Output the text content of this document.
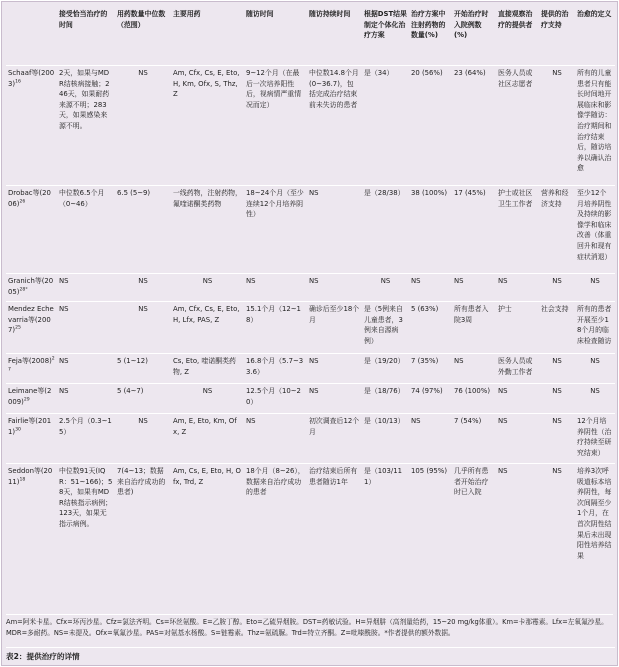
	接受恰当治疗的时间	用药数量中位数（范围）	主要用药	随访时间	随访持续时间	根据DST结果制定个体化治疗方案	治疗方案中注射药物的数量(%)	开始治疗时入院例数(%)	直接观察治疗的提供者	提供的治疗支持	治愈的定义
Schaaf等$(2003)^{16}$	2天，如果与MDR结核病接触；246天，如果耐药来源不明；283天，如果感染来源不明。	NS	Am, Cfx, Cs, E, Eto, H, Km, Ofx, S, Thz, Z	9~12个月（在最后一次培养阳性后，视病情严重情况而定）	中位数14.8个月(0~36.7)，包括完成治疗结束前未失访的患者	是（34）	20 (56%)	23 (64%)	医务人员或社区志愿者	NS	所有的儿童患者只有能长时间地开展临床和影像学随访：治疗期间和治疗结束后，随访培养以确认治愈
Drobac等$(2006)^{26}$	中位数6.5个月（0~46）	6.5 (5~9)	一线药物，注射药物，氟喹诺酮类药物	18~24个月（至少连续12个月培养阴性）	NS	是（28/38）	38 (100%)	17 (45%)	护士或社区卫生工作者	营养和经济支持	至少12个月培养阴性及持续的影像学和临床改善（体重回升和现有症状消退）
Granich等$(2005)^{28*}$	NS	NS	NS	NS	NS	NS	NS	NS	NS	NS	NS
Mendez Echevarria等$(2007)^{25}$	NS	NS	Am, Cfx, Cs, E, Eto, H, Lfx, PAS, Z	15.1个月（12~18）	确诊后至少18个月	是（5例来自儿童患者，3例来自源病例）	5 (63%)	所有患者入院3周	护士	社会支持	所有的患者开展至少18个月的临床检查随访
Feja等$(2008)^{27}$	NS	5 (1~12)	Cs, Eto, 喹诺酮类药物, Z	16.8个月（5.7~33.6）	NS	是（19/20）	7 (35%)	NS	医务人员或外勤工作者	NS	NS
Leimane等$(2009)^{29}$	NS	5 (4~7)	NS	12.5个月（10~20）	NS	是（18/76）	74 (97%)	76 (100%)	NS	NS	NS
Fairlie等$(2011)^{30}$	2.5个月（0.3~15）	NS	Am, E, Eto, Km, Ofx, Z	NS	初次调查后12个月	是（10/13）	NS	7 (54%)	NS	NS	12个月培养阴性（治疗持续至研究结束）
Seddon等$(2011)^{18}$	中位数91天(IQR：51~166)；58天，如果有MDR结核指示病例；123天，如果无指示病例。	7(4~13；数据来自治疗成功的患者)	Am, Cs, E, Eto, H, Ofx, Trd, Z	18个月（8~26），数据来自治疗成功的患者	治疗结束后所有患者随访1年	是（103/111）	105 (95%)	几乎所有患者开始治疗时已入院	NS	NS	培养3次呼吸道标本培养阴性，每次间隔至少1个月，在首次阴性结果后未出现阳性培养结果
Am=阿米卡星。Cfx=环丙沙星。Cfz=氯法齐明。Cs=环丝氨酸。E=乙胺丁醇。Eto=乙硫异烟胺。DST=药敏试验。H=异烟肼（高剂量给药，15~20 mg/kg体重）。Km=卡那霉素。Lfx=左氧氟沙星。MDR=多耐药。NS=未提及。Ofx=氧氟沙星。PAS=对氨基水杨酸。S=链霉素。Thz=氨硫脲。Trd=特立齐酮。Z=吡嗪酰胺。*作者提供的额外数据。
表2：提供治疗的详情
